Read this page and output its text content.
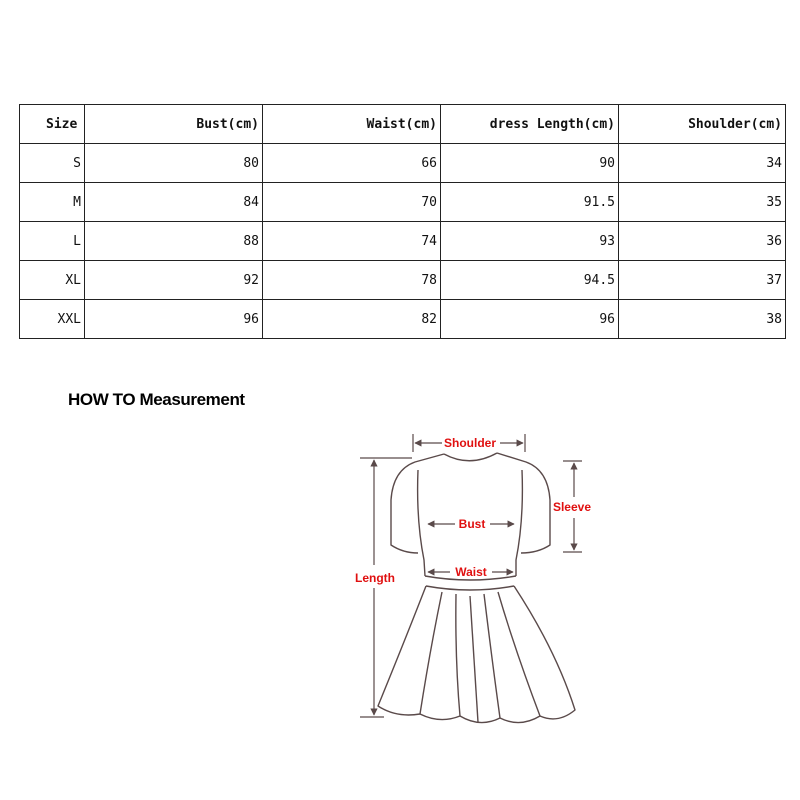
Size	Bust(cm)	Waist(cm)	dress Length(cm)	Shoulder(cm)
S	80	66	90	34
M	84	70	91.5	35
L	88	74	93	36
XL	92	78	94.5	37
XXL	96	82	96	38
HOW TO Measurement
Shoulder
Sleeve
Bust
Waist
Length
